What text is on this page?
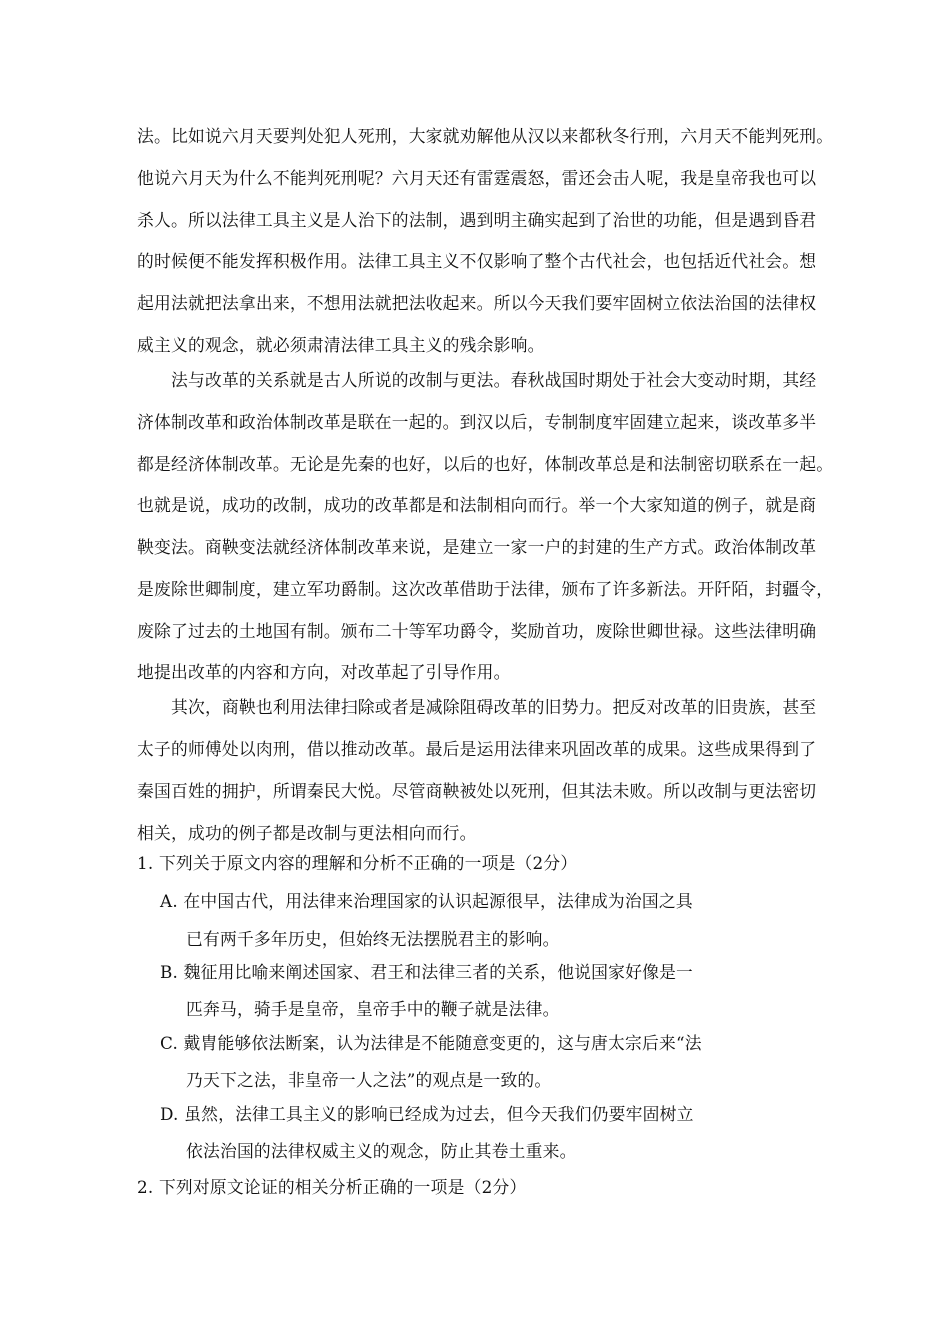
法。比如说六月天要判处犯人死刑，大家就劝解他从汉以来都秋冬行刑，六月天不能判死刑。
他说六月天为什么不能判死刑呢？六月天还有雷霆震怒，雷还会击人呢，我是皇帝我也可以
杀人。所以法律工具主义是人治下的法制，遇到明主确实起到了治世的功能，但是遇到昏君
的时候便不能发挥积极作用。法律工具主义不仅影响了整个古代社会，也包括近代社会。想
起用法就把法拿出来，不想用法就把法收起来。所以今天我们要牢固树立依法治国的法律权
威主义的观念，就必须肃清法律工具主义的残余影响。
法与改革的关系就是古人所说的改制与更法。春秋战国时期处于社会大变动时期，其经
济体制改革和政治体制改革是联在一起的。到汉以后，专制制度牢固建立起来，谈改革多半
都是经济体制改革。无论是先秦的也好，以后的也好，体制改革总是和法制密切联系在一起。
也就是说，成功的改制，成功的改革都是和法制相向而行。举一个大家知道的例子，就是商
鞅变法。商鞅变法就经济体制改革来说，是建立一家一户的封建的生产方式。政治体制改革
是废除世卿制度，建立军功爵制。这次改革借助于法律，颁布了许多新法。开阡陌，封疆令，
废除了过去的土地国有制。颁布二十等军功爵令，奖励首功，废除世卿世禄。这些法律明确
地提出改革的内容和方向，对改革起了引导作用。
其次，商鞅也利用法律扫除或者是减除阻碍改革的旧势力。把反对改革的旧贵族，甚至
太子的师傅处以肉刑，借以推动改革。最后是运用法律来巩固改革的成果。这些成果得到了
秦国百姓的拥护，所谓秦民大悦。尽管商鞅被处以死刑，但其法未败。所以改制与更法密切
相关，成功的例子都是改制与更法相向而行。
1. 下列关于原文内容的理解和分析不正确的一项是（2分）
A. 在中国古代，用法律来治理国家的认识起源很早，法律成为治国之具
已有两千多年历史，但始终无法摆脱君主的影响。
B. 魏征用比喻来阐述国家、君王和法律三者的关系，他说国家好像是一
匹奔马，骑手是皇帝，皇帝手中的鞭子就是法律。
C. 戴胄能够依法断案，认为法律是不能随意变更的，这与唐太宗后来“法
乃天下之法，非皇帝一人之法”的观点是一致的。
D. 虽然，法律工具主义的影响已经成为过去，但今天我们仍要牢固树立
依法治国的法律权威主义的观念，防止其卷土重来。
2. 下列对原文论证的相关分析正确的一项是（2分）
